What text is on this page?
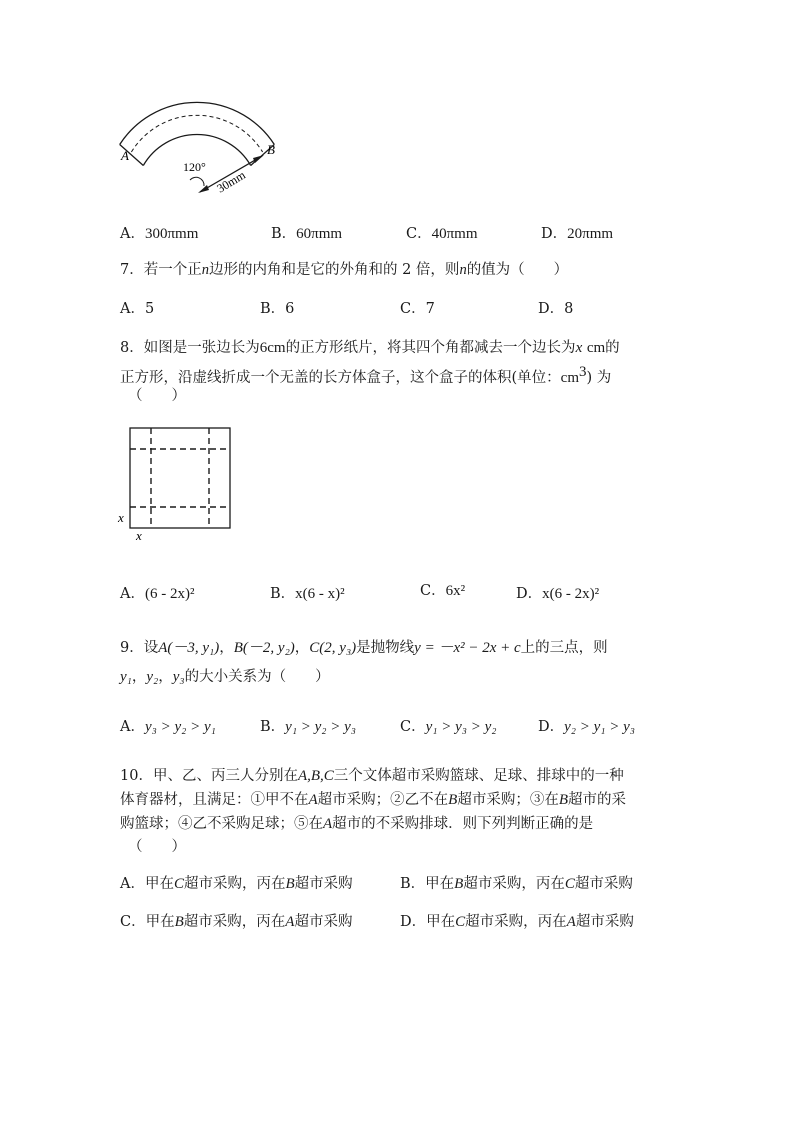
A	B
120°
30mm
A．300πmm	B．60πmm	C．40πmm	D．20πmm
7．若一个正n边形的内角和是它的外角和的 2 倍，则n的值为（　　）
A．5	B．6	C．7	D．8
8．如图是一张边长为6cm的正方形纸片，将其四个角都减去一个边长为x cm的
正方形，沿虚线折成一个无盖的长方体盒子，这个盒子的体积(单位：$cm^3$) 为
（　　）
x
x
A．(6 - 2x)²	B．x(6 - x)²	C．6x²	D．x(6 - 2x)²
9．设A(－3, y₁)，B(－2, y₂)，C(2, y₃)是抛物线y = －x² − 2x + c上的三点，则
y₁，y₂，y₃的大小关系为（　　）
A．y₃ > y₂ > y₁	B．y₁ > y₂ > y₃	C．y₁ > y₃ > y₂	D．y₂ > y₁ > y₃
10．甲、乙、丙三人分别在A,B,C三个文体超市采购篮球、足球、排球中的一种
体育器材，且满足：①甲不在A超市采购；②乙不在B超市采购；③在B超市的采
购篮球；④乙不采购足球；⑤在A超市的不采购排球．则下列判断正确的是
（　　）
A．甲在C超市采购，丙在B超市采购	B．甲在B超市采购，丙在C超市采购
C．甲在B超市采购，丙在A超市采购	D．甲在C超市采购，丙在A超市采购
